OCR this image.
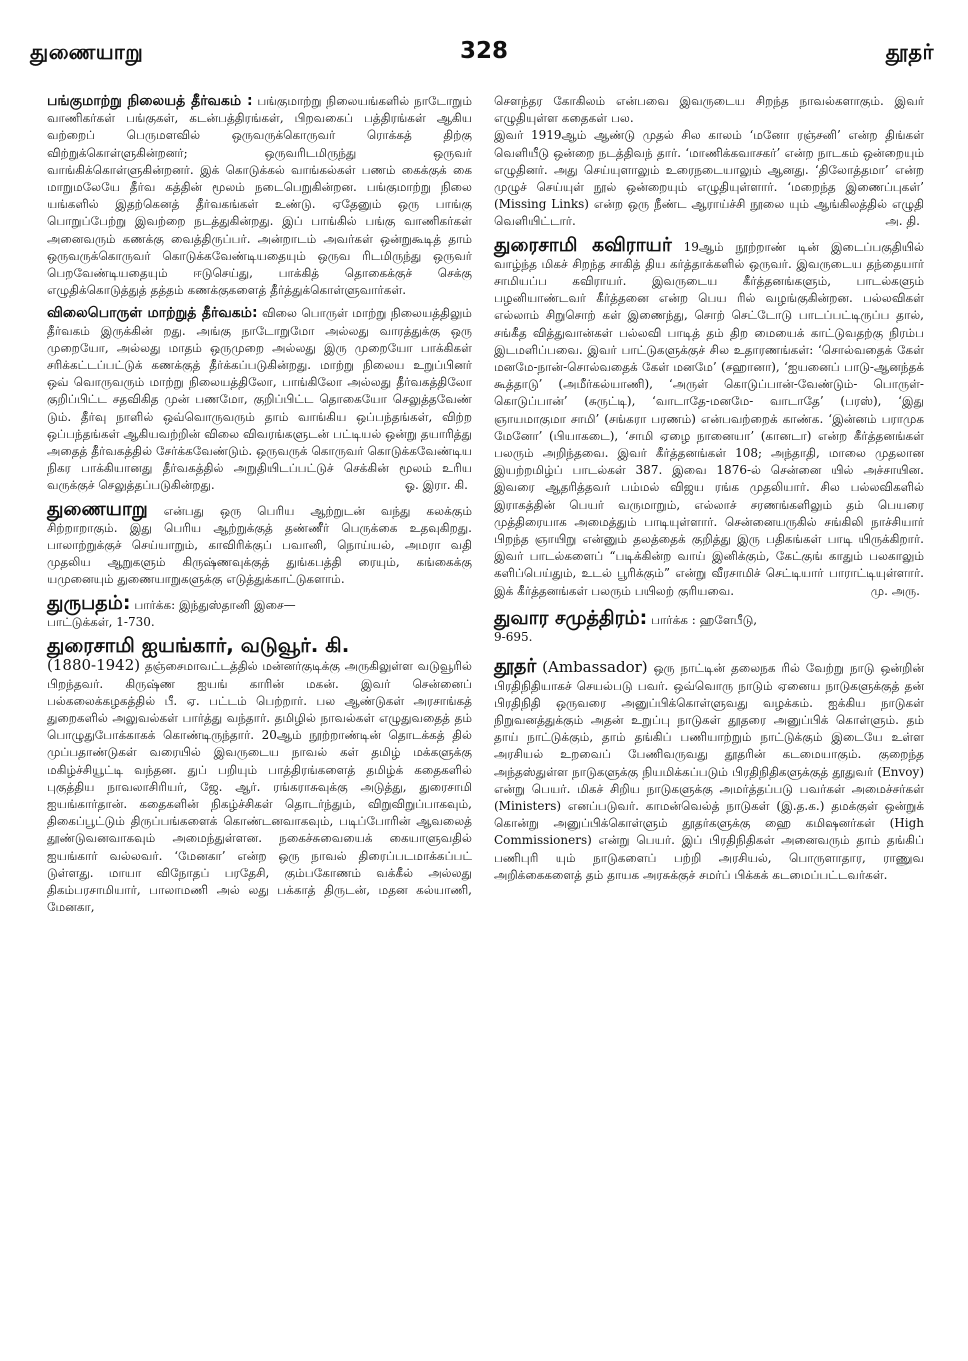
துணையாறு	328	தூதர்

பங்குமாற்று நிலையத் தீர்வகம் : பங்குமாற்று நிலையங்களில் நாடோறும் வாணிகர்கள் பங்குகள், கடன்பத்திரங்கள், பிறவகைப் பத்திரங்கள் ஆகிய வற்றைப் பெருமளவில் ஒருவருக்கொருவர் ரொக்கத் திற்கு விற்றுக்கொள்ளுகின்றனர்; ஒருவரிடமிருந்து ஒருவர் வாங்கிக்கொள்ளுகின்றனர். இக் கொடுக்கல் வாங்கல்கள் பணம் கைக்குக் கை மாறுமலேயே தீர்வ கத்தின் மூலம் நடைபெறுகின்றன. பங்குமாற்று நிலை யங்களில் இதற்கெனத் தீர்வகங்கள் உண்டு. ஏதேனும் ஒரு பாங்கு பொறுப்பேற்று இவற்றை நடத்துகின்றது. இப் பாங்கில் பங்கு வாணிகர்கள் அனைவரும் கணக்கு வைத்திருப்பர். அன்றாடம் அவர்கள் ஒன்றுகூடித் தாம் ஒருவருக்கொருவர் கொடுக்கவேண்டியதையும் ஒருவ ரிடமிருந்து ஒருவர் பெறவேண்டியதையும் ஈடுசெய்து, பாக்கித் தொகைக்குச் செக்கு எழுதிக்கொடுத்துத் தத்தம் கணக்குகளைத் தீர்த்துக்கொள்ளுவார்கள்.

விலைபொருள் மாற்றுத் தீர்வகம்: விலை பொருள் மாற்று நிலையத்திலும் தீர்வகம் இருக்கின் றது. அங்கு நாடோறுமோ அல்லது வாரத்துக்கு ஒரு முறையோ, அல்லது மாதம் ஒருமுறை அல்லது இரு முறையோ பாக்கிகள் சரிக்கட்டப்பட்டுக் கணக்குத் தீர்க்கப்படுகின்றது. மாற்று நிலைய உறுப்பினர் ஒவ் வொருவரும் மாற்று நிலையத்திலோ, பாங்கிலோ அல்லது தீர்வகத்திலோ குறிப்பிட்ட சதவிகித முன் பணமோ, குறிப்பிட்ட தொகையோ செலுத்தவேண் டும். தீர்வு நாளில் ஒவ்வொருவரும் தாம் வாங்கிய ஒப்பந்தங்கள், விற்ற ஒப்பந்தங்கள் ஆகியவற்றின் விலை விவரங்களுடன் பட்டியல் ஒன்று தயாரித்து அதைத் தீர்வகத்தில் சேர்க்கவேண்டும். ஒருவருக் கொருவர் கொடுக்கவேண்டிய நிகர பாக்கியானது தீர்வகத்தில் அறுதியிடப்பட்டுச் செக்கின் மூலம் உரிய வருக்குச் செலுத்தப்படுகின்றது.	ஓ. இரா. கி.

துணையாறு என்பது ஒரு பெரிய ஆற்றுடன் வந்து கலக்கும் சிற்றாறாகும். இது பெரிய ஆற்றுக்குத் தண்ணீர் பெருக்கை உதவுகிறது. பாலாற்றுக்குச் செய்யாறும், காவிரிக்குப் பவானி, நொய்யல், அமரா வதி முதலிய ஆறுகளும் கிருஷ்ணவுக்குத் துங்கபத்தி ரையும், கங்கைக்கு யமுனையும் துணையாறுகளுக்கு எடுத்துக்காட்டுகளாம்.

துருபதம்: பார்க்க: இந்துஸ்தானி இசை—
பாட்டுக்கள், 1-730.

துரைசாமி ஐயங்கார், வடுவூர். கி.
(1880-1942) தஞ்சைமாவட்டத்தில் மன்னர்குடிக்கு அருகிலுள்ள வடுவூரில் பிறந்தவர். கிருஷ்ண ஐயங் காரின் மகன். இவர் சென்னைப் பல்கலைக்கழகத்தில் பீ. ஏ. பட்டம் பெற்றார். பல ஆண்டுகள் அரசாங்கத் துறைகளில் அலுவல்கள் பார்த்து வந்தார். தமிழில் நாவல்கள் எழுதுவதைத் தம் பொழுதுபோக்காகக் கொண்டிருந்தார். 20ஆம் நூற்றாண்டின் தொடக்கத் தில் முப்பதாண்டுகள் வரையில் இவருடைய நாவல் கள் தமிழ் மக்களுக்கு மகிழ்ச்சியூட்டி வந்தன. துப் பறியும் பாத்திரங்களைத் தமிழ்க் கதைகளில் புகுத்திய நாவலாசிரியர், ஜே. ஆர். ரங்கராசுவுக்கு அடுத்து, துரைசாமி ஐயங்கார்தான். கதைகளின் நிகழ்ச்சிகள் தொடர்ந்தும், விறுவிறுப்பாகவும், திகைப்பூட்டும் திருப்பங்களைக் கொண்டனவாகவும், படிப்போரின் ஆவலைத் தூண்டுவனவாகவும் அமைந்துள்ளன. நகைச்சுவையைக் கையாளுவதில் ஐயங்கார் வல்லவர். ‘மேனகா’ என்ற ஒரு நாவல் திரைப்படமாக்கப்பட் டுள்ளது. மாயா விநோதப் பரதேசி, கும்பகோணம் வக்கீல் அல்லது திகம்பரசாமியார், பாலாமணி அல் லது பக்காத் திருடன், மதன கல்யாணி, மேனகா,

சௌந்தர கோகிலம் என்பவை இவருடைய சிறந்த நாவல்களாகும். இவர் எழுதியுள்ள கதைகள் பல.

இவர் 1919ஆம் ஆண்டு முதல் சில காலம் ‘மனோ ரஞ்சனி’ என்ற திங்கள் வெளியீடு ஒன்றை நடத்திவந் தார். ‘மாணிக்கவாசகர்’ என்ற நாடகம் ஒன்றையும் எழுதினர். அது செய்யுளாலும் உரைநடையாலும் ஆனது. ‘திலோத்தமா’ என்ற முழுச் செய்யுள் நூல் ஒன்றையும் எழுதியுள்ளார். ‘மறைந்த இணைப்புகள்’ (Missing Links) என்ற ஒரு நீண்ட ஆராய்ச்சி நூலை யும் ஆங்கிலத்தில் எழுதி வெளியிட்டார்.	அ. தி.

துரைசாமி கவிராயர் 19ஆம் நூற்றாண் டின் இடைப்பகுதியில் வாழ்ந்த மிகச் சிறந்த சாகித் திய கர்த்தாக்களில் ஒருவர். இவருடைய தந்தையார் சாமியப்ப கவிராயர். இவருடைய கீர்த்தனங்களும், பாடல்களும் பழனியாண்டவர் கீர்த்தனை என்ற பெய ரில் வழங்குகின்றன. பல்லவிகள் எல்லாம் சிறுசொற் கள் இணைந்து, சொற் செட்டோடு பாடப்பட்டிருப்ப தால், சங்கீத வித்துவான்கள் பல்லவி பாடித் தம் திற மையைக் காட்டுவதற்கு நிரம்ப இடமளிப்பவை. இவர் பாட்டுகளுக்குச் சில உதாரணங்கள்: ‘சொல்வதைக் கேள் மனமே-நான்-சொல்வதைக் கேள் மனமே’ (சஹானா), ‘ஐயனைப் பாடு-ஆனந்தக் கூத்தாடு’ (அமீர்கல்யாணி), ‘அருள் கொடுப்பான்-வேண்டும்- பொருள்-கொடுப்பான்’ (சுருட்டி), ‘வாடாதே-மனமே- வாடாதே’ (பரஸ்), ‘இது ஞாயமாகுமா சாமி’ (சங்கரா பரணம்) என்பவற்றைக் காண்க. ‘இன்னம் பராமுக மேனோ’ (பியாகடை), ‘சாமி ஏழை நானையா’ (கானடா) என்ற கீர்த்தனங்கள் பலரும் அறிந்தவை. இவர் கீர்த்தனங்கள் 108; அந்தாதி, மாலை முதலான இயற்றமிழ்ப் பாடல்கள் 387. இவை 1876-ல் சென்னை யில் அச்சாயின. இவரை ஆதரித்தவர் பம்மல் விஜய ரங்க முதலியார். சில பல்லவிகளில் இராகத்தின் பெயர் வருமாறும், எல்லாச் சரணங்களிலும் தம் பெயரை முத்திரையாக அமைத்தும் பாடியுள்ளார். சென்னையருகில் சங்கிலி நாச்சியார் பிறந்த ஞாயிறு என்னும் தலத்தைக் குறித்து இரு பதிகங்கள் பாடி யிருக்கிறார். இவர் பாடல்களைப் “படிக்கின்ற வாய் இனிக்கும், கேட்குங் காதும் பலகாலும் களிப்பெய்தும், உடல் பூரிக்கும்” என்று வீரசாமிச் செட்டியார் பாராட்டியுள்ளார். இக் கீர்த்தனங்கள் பலரும் பயிலற் குரியவை.	மு. அரு.

துவார சமுத்திரம்: பார்க்க : ஹளேபீடு,
9-695.

தூதர் (Ambassador) ஒரு நாட்டின் தலைநக ரில் வேற்று நாடு ஒன்றின் பிரதிநிதியாகச் செயல்படு பவர். ஒவ்வொரு நாடும் ஏனைய நாடுகளுக்குத் தன் பிரதிநிதி ஒருவரை அனுப்பிக்கொள்ளுவது வழக்கம். ஐக்கிய நாடுகள் நிறுவனத்துக்கும் அதன் உறுப்பு நாடுகள் தூதரை அனுப்பிக் கொள்ளும். தம் தாய் நாட்டுக்கும், தாம் தங்கிப் பணியாற்றும் நாட்டுக்கும் இடையே உள்ள அரசியல் உறவைப் பேணிவருவது தூதரின் கடமையாகும். குறைந்த அந்தஸ்துள்ள நாடுகளுக்கு நியமிக்கப்படும் பிரதிநிதிகளுக்குத் தூதுவர் (Envoy) என்று பெயர். மிகச் சிறிய நாடுகளுக்கு அமர்த்தப்படு பவர்கள் அமைச்சர்கள் (Ministers) எனப்படுவர். காமன்வெல்த் நாடுகள் (இ.த.க.) தமக்குள் ஒன்றுக் கொன்று அனுப்பிக்கொள்ளும் தூதர்களுக்கு ஹை கமிஷனர்கள் (High Commissioners) என்று பெயர். இப் பிரதிநிதிகள் அனைவரும் தாம் தங்கிப் பணிபுரி யும் நாடுகளைப் பற்றி அரசியல், பொருளாதார, ராணுவ அறிக்கைகளைத் தம் தாயக அரசுக்குச் சமர்ப் பிக்கக் கடமைப்பட்டவர்கள்.
